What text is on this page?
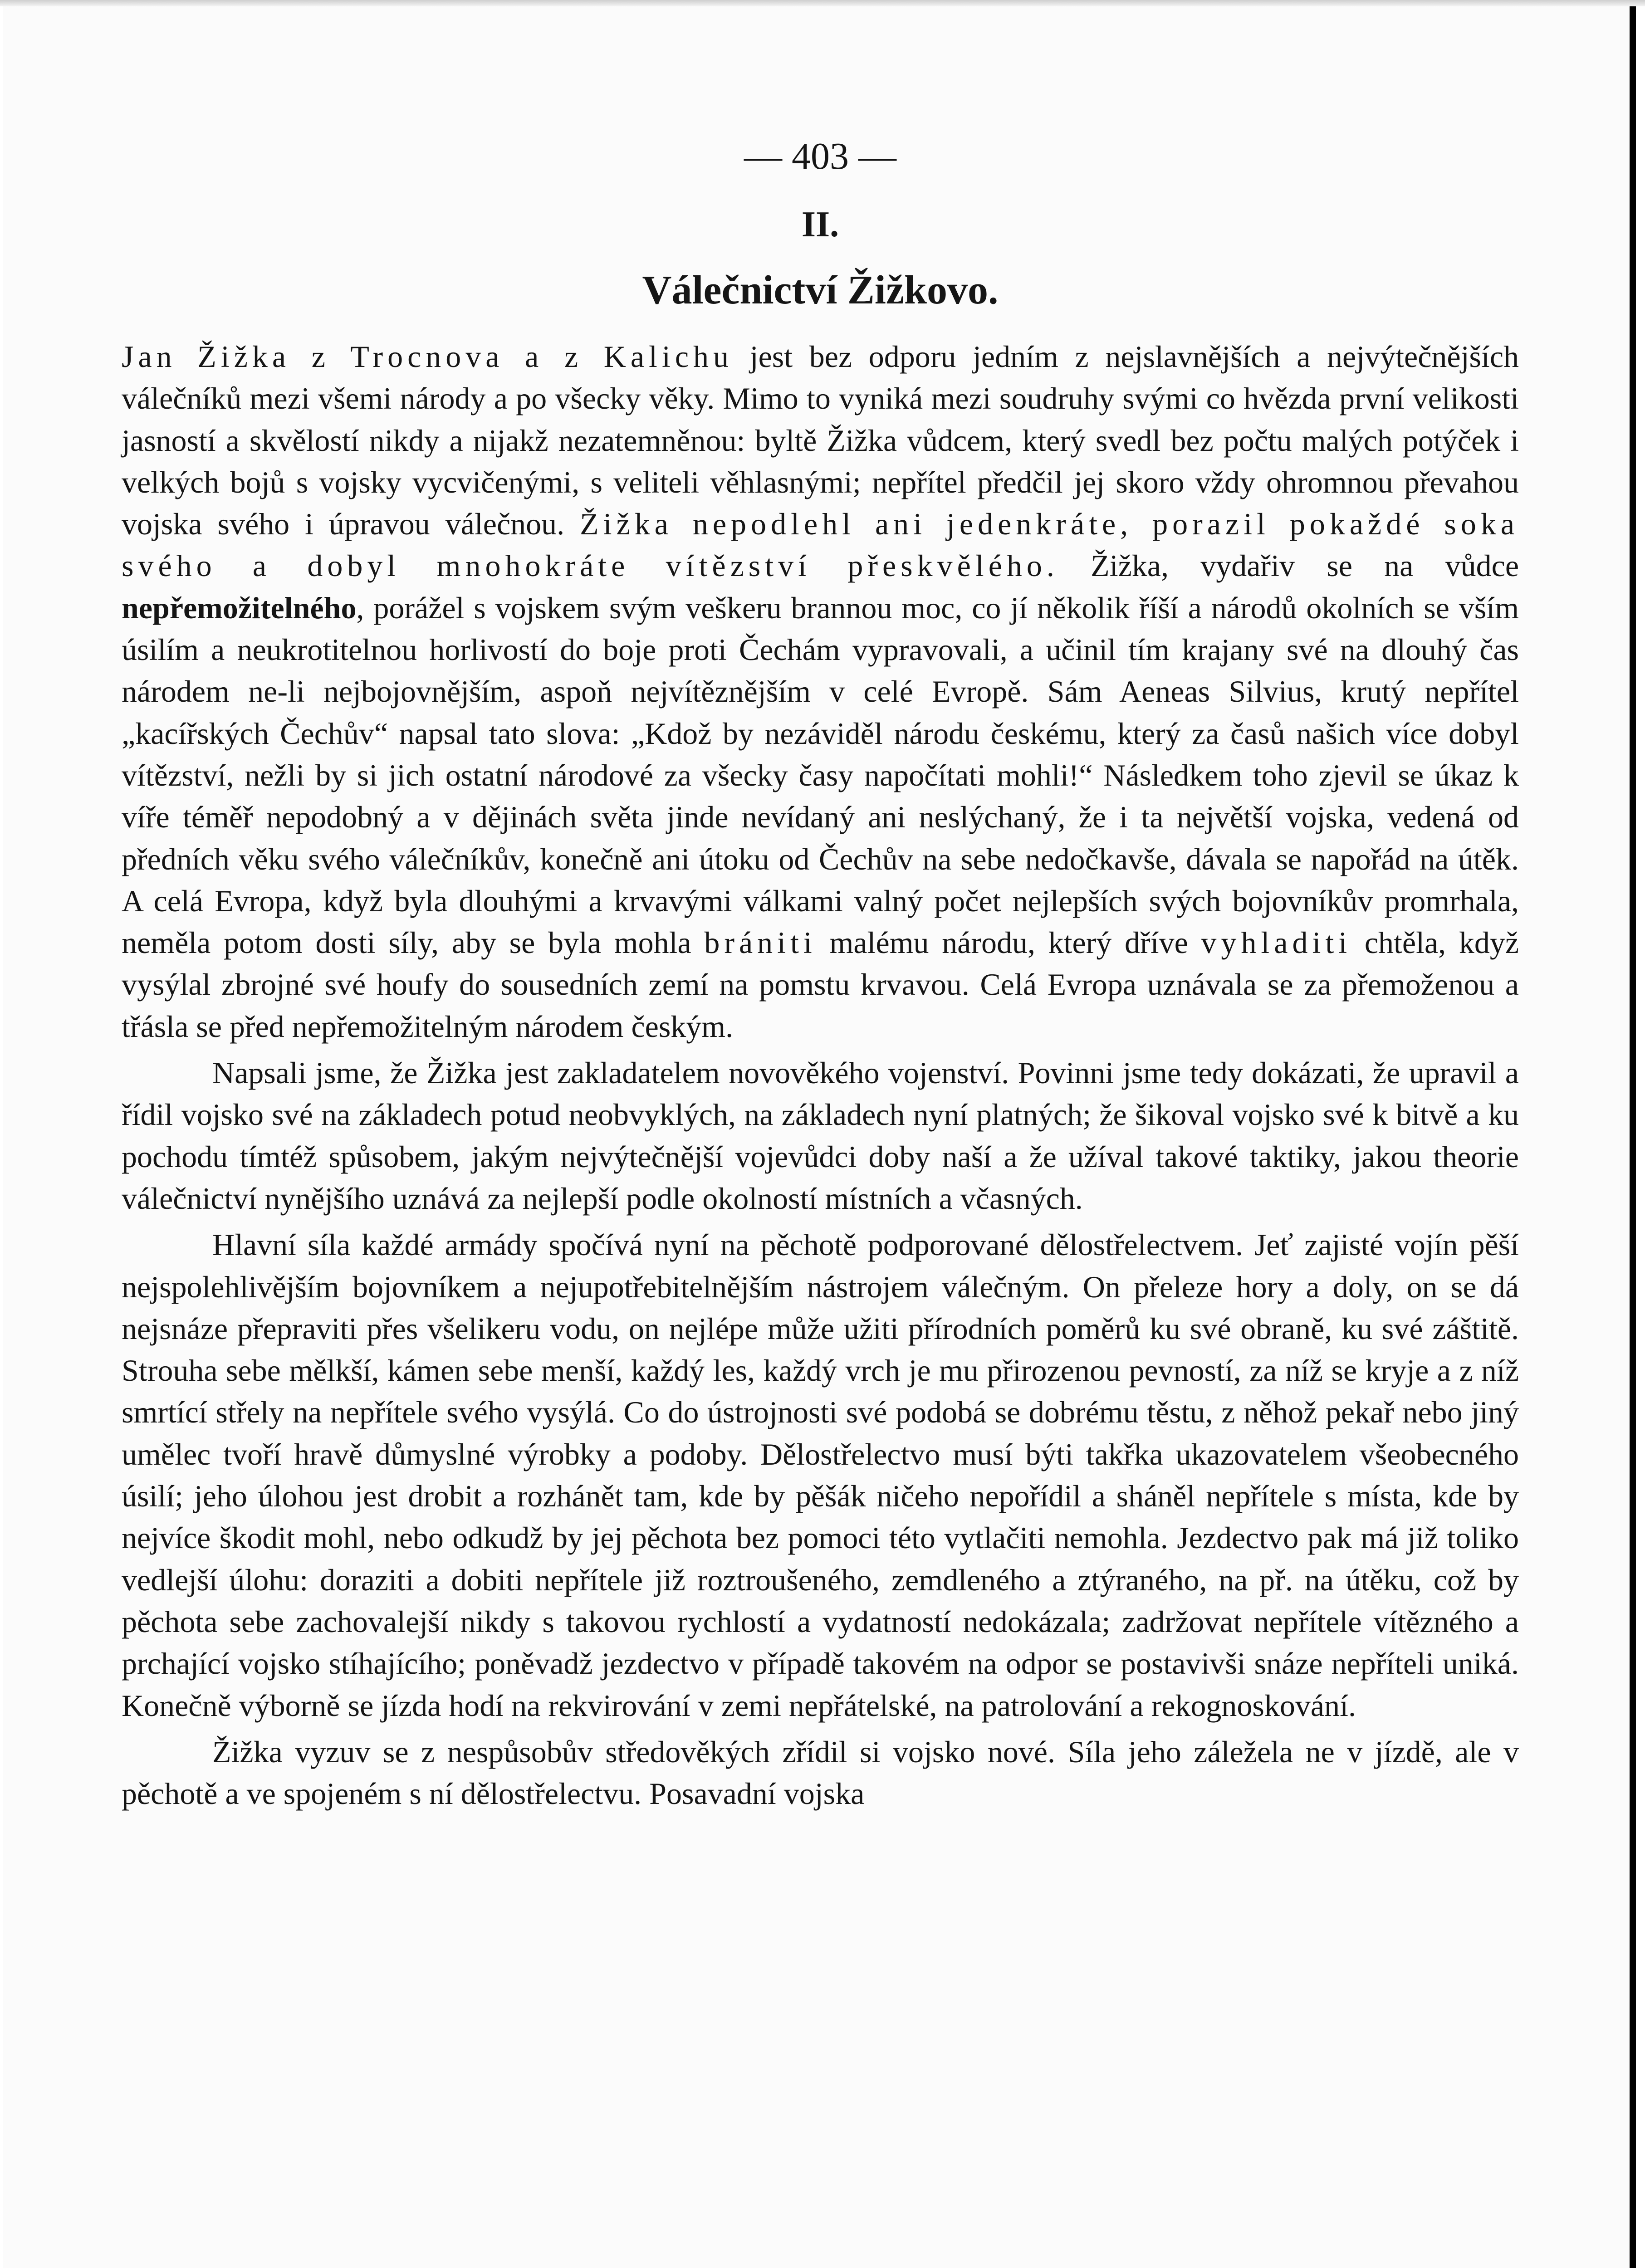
— 403 —
II.
Válečnictví Žižkovo.

Jan Žižka z Trocnova a z Kalichu jest bez odporu jedním z nejslavnějších a nejvýtečnějších válečníků mezi všemi národy a po všecky věky. Mimo to vyniká mezi soudruhy svými co hvězda první velikosti jasností a skvělostí nikdy a nijakž nezatemněnou: byltě Žižka vůdcem, který svedl bez počtu malých potýček i velkých bojů s vojsky vycvičenými, s veliteli věhlasnými; nepřítel předčil jej skoro vždy ohromnou převahou vojska svého i úpravou válečnou. Žižka nepodlehl ani jedenkráte, porazil pokaždé soka svého a dobyl mnohokráte vítězství přeskvělého. Žižka, vydařiv se na vůdce nepřemožitelného, porážel s vojskem svým veškeru brannou moc, co jí několik říší a národů okolních se vším úsilím a neukrotitelnou horlivostí do boje proti Čechám vypravovali, a učinil tím krajany své na dlouhý čas národem ne-li nejbojovnějším, aspoň nejvítěznějším v celé Evropě. Sám Aeneas Silvius, krutý nepřítel „kacířských Čechův“ napsal tato slova: „Kdož by nezáviděl národu českému, který za časů našich více dobyl vítězství, nežli by si jich ostatní národové za všecky časy napočítati mohli!“ Následkem toho zjevil se úkaz k víře téměř nepodobný a v dějinách světa jinde nevídaný ani neslýchaný, že i ta největší vojska, vedená od předních věku svého válečníkův, konečně ani útoku od Čechův na sebe nedočkavše, dávala se napořád na útěk. A celá Evropa, když byla dlouhými a krvavými válkami valný počet nejlepších svých bojovníkův promrhala, neměla potom dosti síly, aby se byla mohla brániti malému národu, který dříve vyhladiti chtěla, když vysýlal zbrojné své houfy do sousedních zemí na pomstu krvavou. Celá Evropa uznávala se za přemoženou a třásla se před nepřemožitelným národem českým.

Napsali jsme, že Žižka jest zakladatelem novověkého vojenství. Povinni jsme tedy dokázati, že upravil a řídil vojsko své na základech potud neobvyklých, na základech nyní platných; že šikoval vojsko své k bitvě a ku pochodu tímtéž spůsobem, jakým nejvýtečnější vojevůdci doby naší a že užíval takové taktiky, jakou theorie válečnictví nynějšího uznává za nejlepší podle okolností místních a včasných.

Hlavní síla každé armády spočívá nyní na pěchotě podporované dělostřelectvem. Jeť zajisté vojín pěší nejspolehlivějším bojovníkem a nejupotřebitelnějším nástrojem válečným. On přeleze hory a doly, on se dá nejsnáze přepraviti přes všelikeru vodu, on nejlépe může užiti přírodních poměrů ku své obraně, ku své záštitě. Strouha sebe mělkší, kámen sebe menší, každý les, každý vrch je mu přirozenou pevností, za níž se kryje a z níž smrtící střely na nepřítele svého vysýlá. Co do ústrojnosti své podobá se dobrému těstu, z něhož pekař nebo jiný umělec tvoří hravě důmyslné výrobky a podoby. Dělostřelectvo musí býti takřka ukazovatelem všeobecného úsilí; jeho úlohou jest drobit a rozhánět tam, kde by pěšák ničeho nepořídil a sháněl nepřítele s místa, kde by nejvíce škodit mohl, nebo odkudž by jej pěchota bez pomoci této vytlačiti nemohla. Jezdectvo pak má již toliko vedlejší úlohu: doraziti a dobiti nepřítele již roztroušeného, zemdleného a ztýraného, na př. na útěku, což by pěchota sebe zachovalejší nikdy s takovou rychlostí a vydatností nedokázala; zadržovat nepřítele vítězného a prchající vojsko stíhajícího; poněvadž jezdectvo v případě takovém na odpor se postavivši snáze nepříteli uniká. Konečně výborně se jízda hodí na rekvirování v zemi nepřátelské, na patrolování a rekognoskování.

Žižka vyzuv se z nespůsobův středověkých zřídil si vojsko nové. Síla jeho záleželа ne v jízdě, ale v pěchotě a ve spojeném s ní dělostřelectvu. Posavadní vojska
